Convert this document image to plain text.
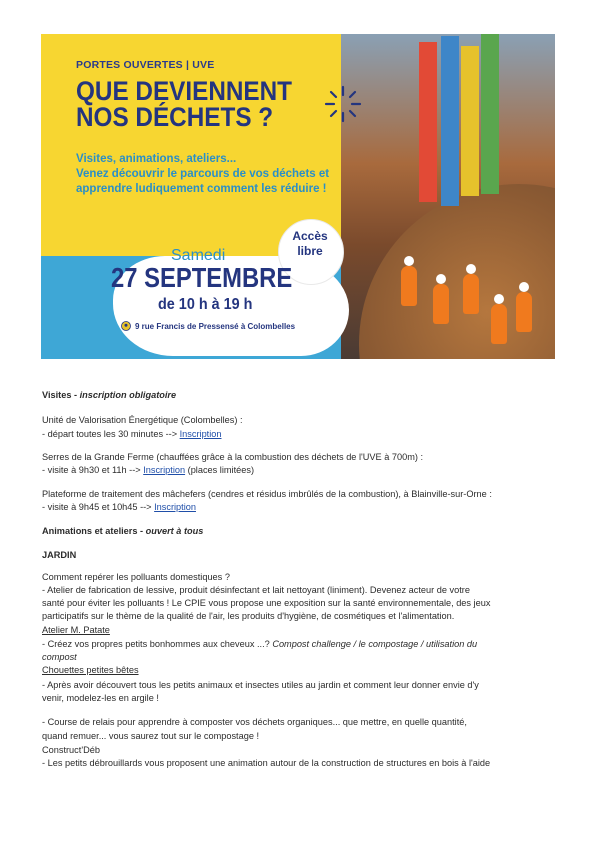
PORTES OUVERTES | UVE
QUE DEVIENNENT
NOS DÉCHETS ?
Visites, animations, ateliers...
Venez découvrir le parcours de vos déchets et
apprendre ludiquement comment les réduire !
Accès
libre
Samedi
27 SEPTEMBRE
de 10 h à 19 h
9 rue Francis de Pressensé à Colombelles
Visites - inscription obligatoire
Unité de Valorisation Énergétique (Colombelles) :
- départ toutes les 30 minutes --> Inscription
Serres de la Grande Ferme (chauffées grâce à la combustion des déchets de l'UVE à 700m) :
- visite à 9h30 et 11h --> Inscription (places limitées)
Plateforme de traitement des mâchefers (cendres et résidus imbrûlés de la combustion), à Blainville-sur-Orne :
- visite à 9h45 et 10h45 --> Inscription
Animations et ateliers - ouvert à tous
JARDIN
Comment repérer les polluants domestiques ?
- Atelier de fabrication de lessive, produit désinfectant et lait nettoyant (liniment). Devenez acteur de votre
santé pour éviter les polluants ! Le CPIE vous propose une exposition sur la santé environnementale, des jeux
participatifs sur le thème de la qualité de l'air, les produits d'hygiène, de cosmétiques et l'alimentation.
Atelier M. Patate
- Créez vos propres petits bonhommes aux cheveux ...? Compost challenge / le compostage / utilisation du
compost
Chouettes petites bêtes
- Après avoir découvert tous les petits animaux et insectes utiles au jardin et comment leur donner envie d'y
venir, modelez-les en argile !
- Course de relais pour apprendre à composter vos déchets organiques... que mettre, en quelle quantité,
quand remuer... vous saurez tout sur le compostage !
Construct'Déb
- Les petits débrouillards vous proposent une animation autour de la construction de structures en bois à l'aide
